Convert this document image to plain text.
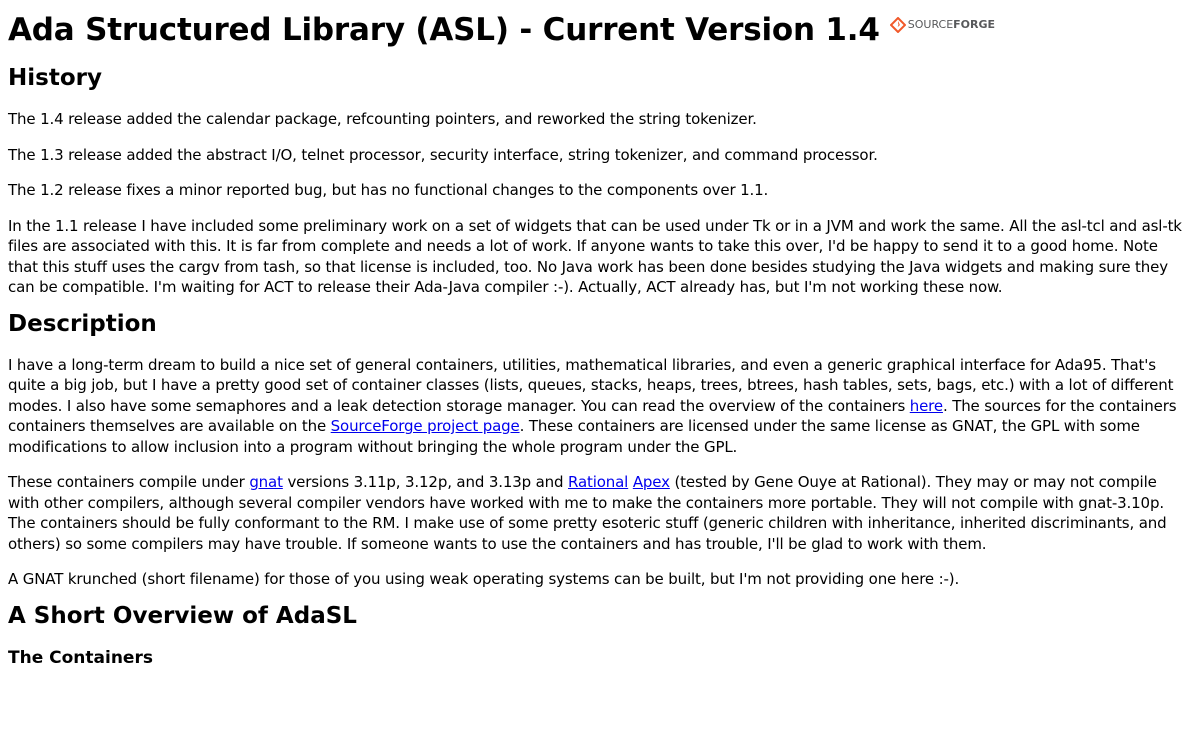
Ada Structured Library (ASL) - Current Version 1.4	SOURCE FORGE
History

The 1.4 release added the calendar package, refcounting pointers, and reworked the string tokenizer.

The 1.3 release added the abstract I/O, telnet processor, security interface, string tokenizer, and command processor.

The 1.2 release fixes a minor reported bug, but has no functional changes to the components over 1.1.

In the 1.1 release I have included some preliminary work on a set of widgets that can be used under Tk or in a JVM and work the same. All the asl-tcl and asl-tk files are associated with this. It is far from complete and needs a lot of work. If anyone wants to take this over, I'd be happy to send it to a good home. Note that this stuff uses the cargv from tash, so that license is included, too. No Java work has been done besides studying the Java widgets and making sure they can be compatible. I'm waiting for ACT to release their Ada-Java compiler :-). Actually, ACT already has, but I'm not working these now.

Description

I have a long-term dream to build a nice set of general containers, utilities, mathematical libraries, and even a generic graphical interface for Ada95. That's quite a big job, but I have a pretty good set of container classes (lists, queues, stacks, heaps, trees, btrees, hash tables, sets, bags, etc.) with a lot of different modes. I also have some semaphores and a leak detection storage manager. You can read the overview of the containers here. The sources for the containers containers themselves are available on the SourceForge project page. These containers are licensed under the same license as GNAT, the GPL with some modifications to allow inclusion into a program without bringing the whole program under the GPL.

These containers compile under gnat versions 3.11p, 3.12p, and 3.13p and Rational Apex (tested by Gene Ouye at Rational). They may or may not compile with other compilers, although several compiler vendors have worked with me to make the containers more portable. They will not compile with gnat-3.10p. The containers should be fully conformant to the RM. I make use of some pretty esoteric stuff (generic children with inheritance, inherited discriminants, and others) so some compilers may have trouble. If someone wants to use the containers and has trouble, I'll be glad to work with them.

A GNAT krunched (short filename) for those of you using weak operating systems can be built, but I'm not providing one here :-).

A Short Overview of AdaSL
The Containers
